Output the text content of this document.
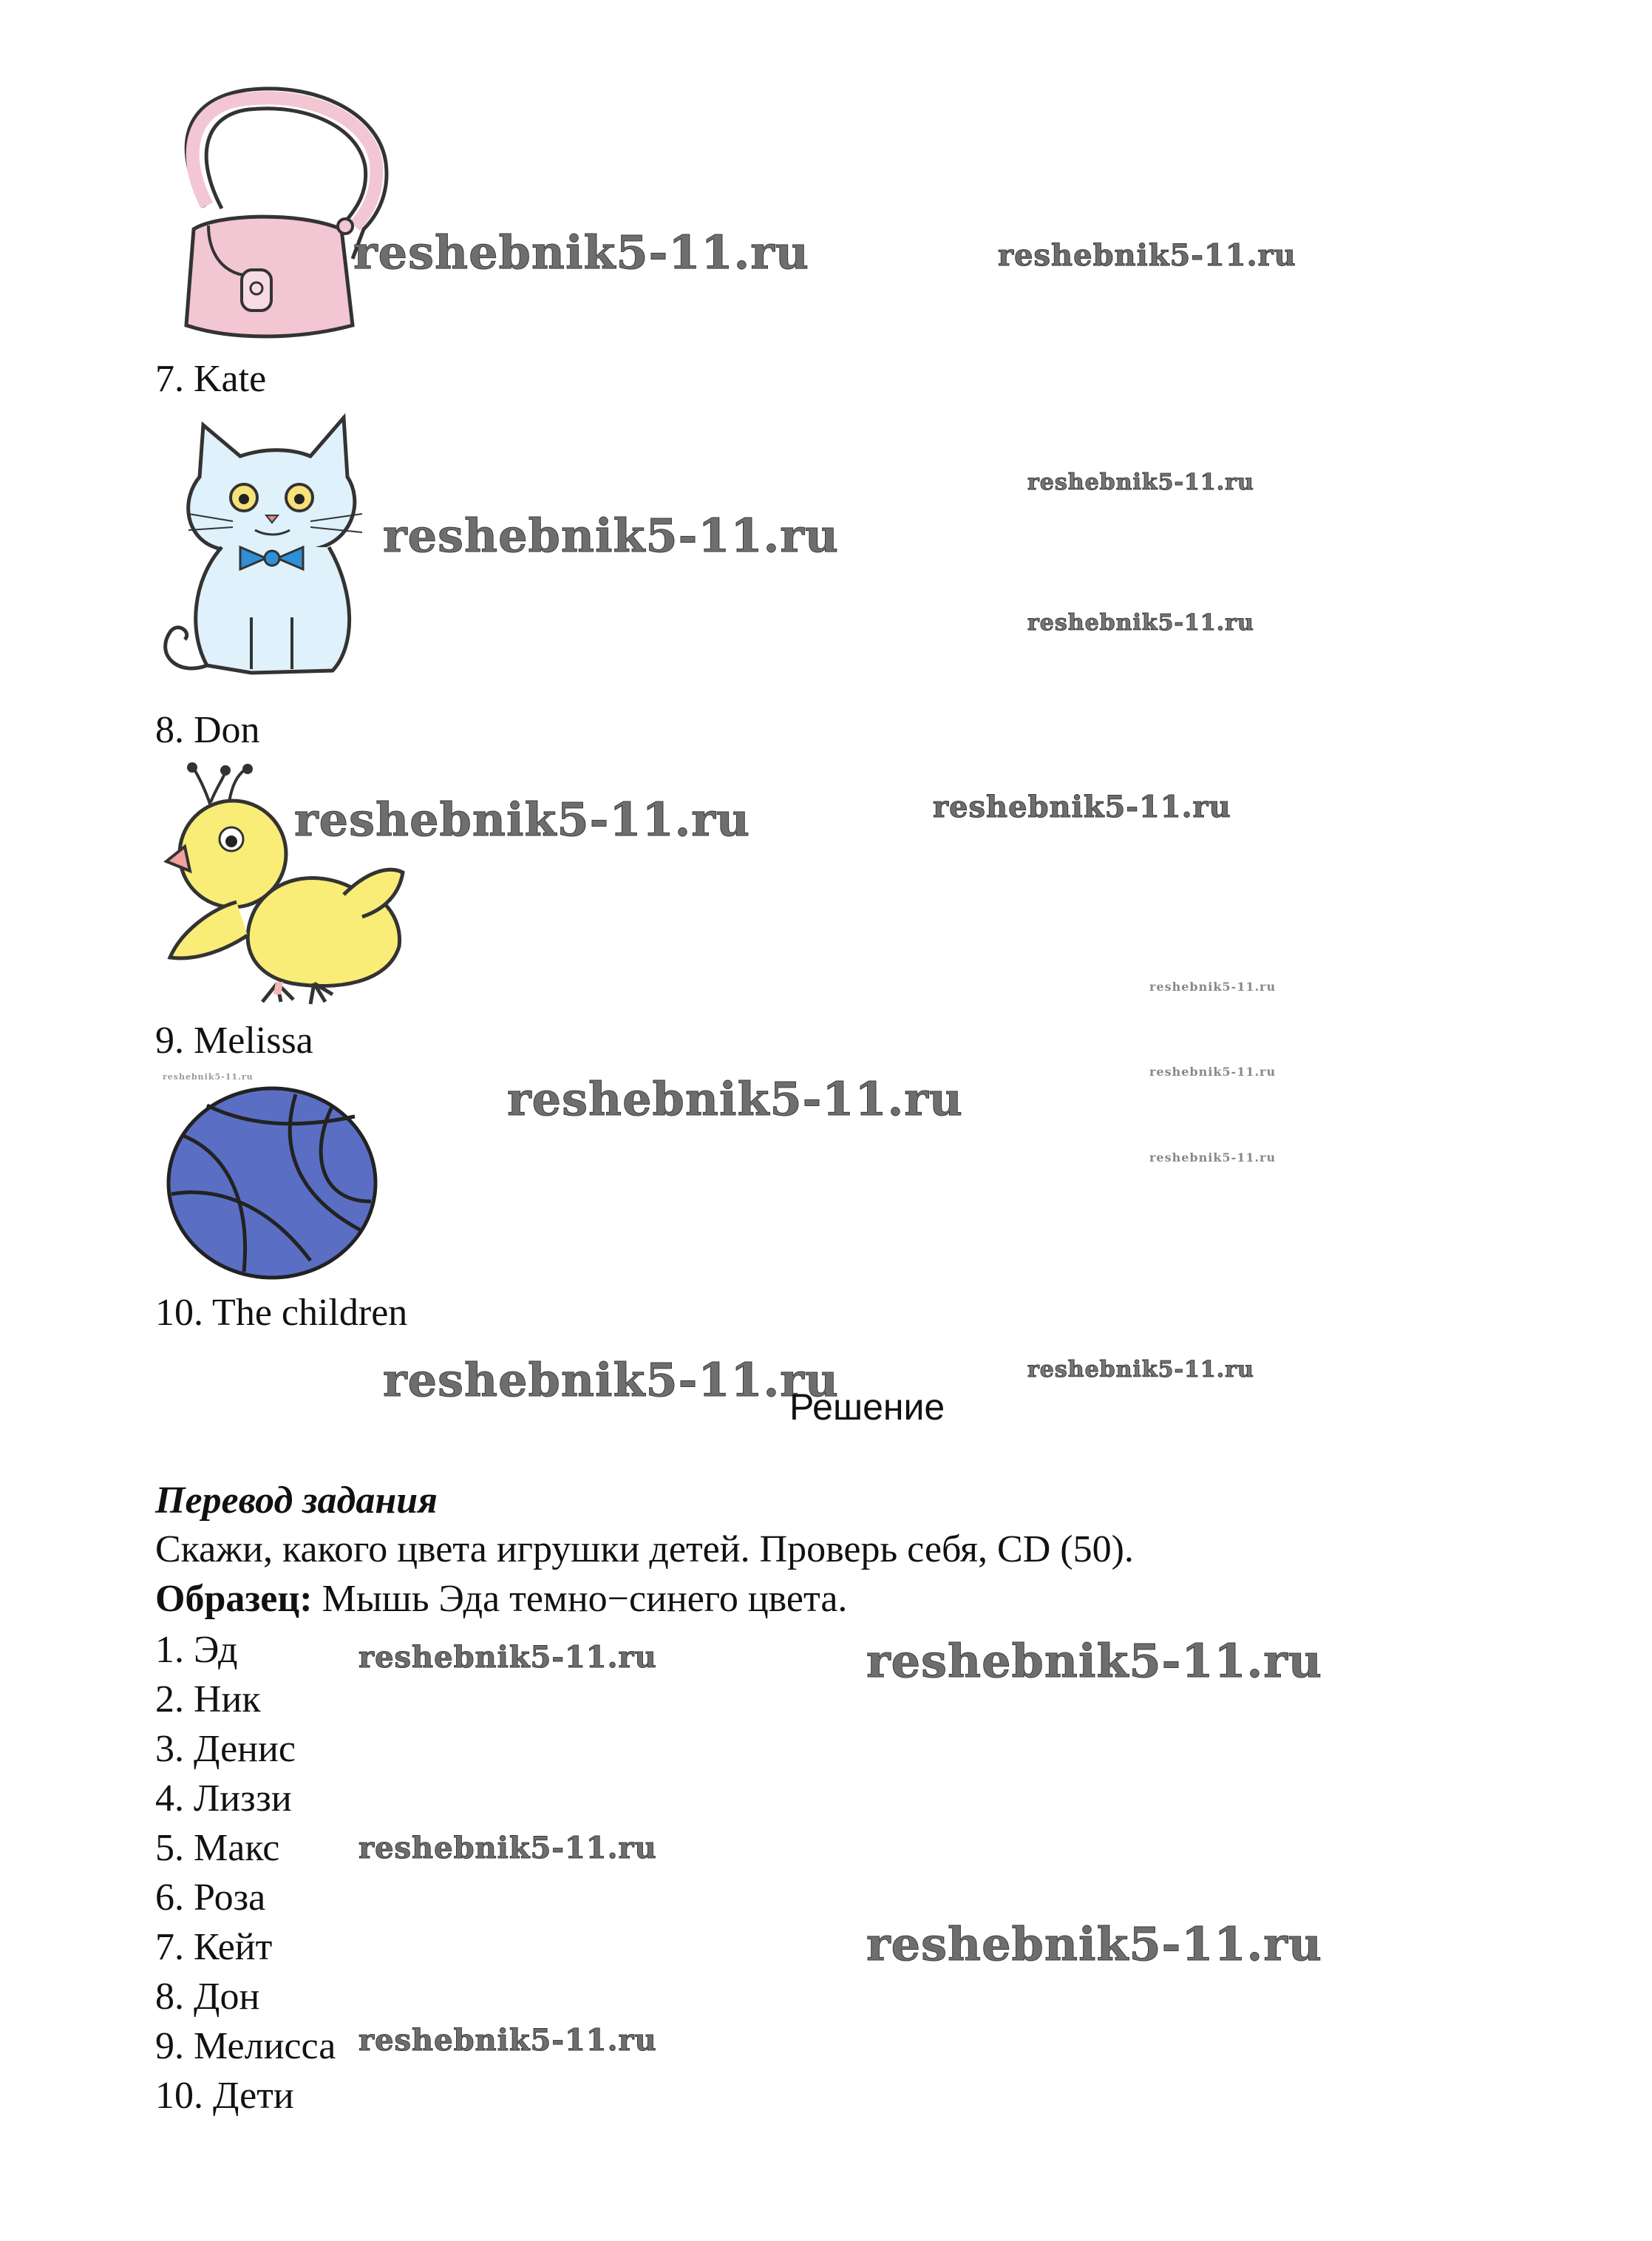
reshebnik5-11.ru	reshebnik5-11.ru
7. Kate
reshebnik5-11.ru
reshebnik5-11.ru
reshebnik5-11.ru
8. Don
reshebnik5-11.ru	reshebnik5-11.ru
reshebnik5-11.ru
9. Melissa
reshebnik5-11.ru	reshebnik5-11.ru
reshebnik5-11.ru
reshebnik5-11.ru
10. The children
reshebnik5-11.ru
Решение
reshebnik5-11.ru
Перевод задания
Скажи, какого цвета игрушки детей. Проверь себя, CD (50).
Образец: Мышь Эда темно−синего цвета.
1. Эд
2. Ник
3. Денис
4. Лиззи
5. Макс
6. Роза
7. Кейт
8. Дон
9. Мелисса
10. Дети
reshebnik5-11.ru	reshebnik5-11.ru
reshebnik5-11.ru
reshebnik5-11.ru
reshebnik5-11.ru
